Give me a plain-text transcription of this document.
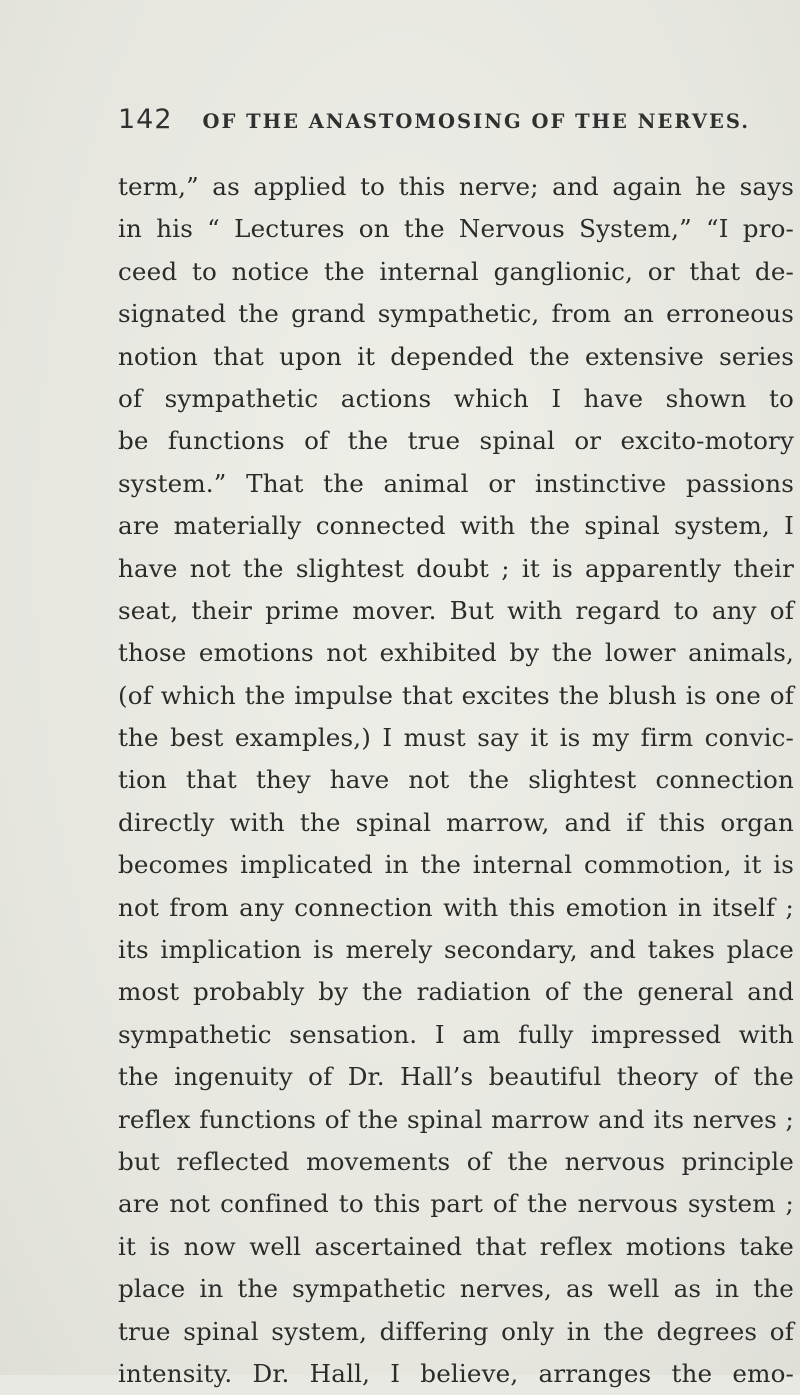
142 OF THE ANASTOMOSING OF THE NERVES.
term,” as applied to this nerve; and again he says
in his “ Lectures on the Nervous System,” “I pro-
ceed to notice the internal ganglionic, or that de-
signated the grand sympathetic, from an erroneous
notion that upon it depended the extensive series
of sympathetic actions which I have shown to
be functions of the true spinal or excito-motory
system.” That the animal or instinctive passions
are materially connected with the spinal system, I
have not the slightest doubt ; it is apparently their
seat, their prime mover. But with regard to any of
those emotions not exhibited by the lower animals,
(of which the impulse that excites the blush is one of
the best examples,) I must say it is my firm convic-
tion that they have not the slightest connection
directly with the spinal marrow, and if this organ
becomes implicated in the internal commotion, it is
not from any connection with this emotion in itself ;
its implication is merely secondary, and takes place
most probably by the radiation of the general and
sympathetic sensation. I am fully impressed with
the ingenuity of Dr. Hall’s beautiful theory of the
reflex functions of the spinal marrow and its nerves ;
but reflected movements of the nervous principle
are not confined to this part of the nervous system ;
it is now well ascertained that reflex motions take
place in the sympathetic nerves, as well as in the
true spinal system, differing only in the degrees of
intensity. Dr. Hall, I believe, arranges the emo-
